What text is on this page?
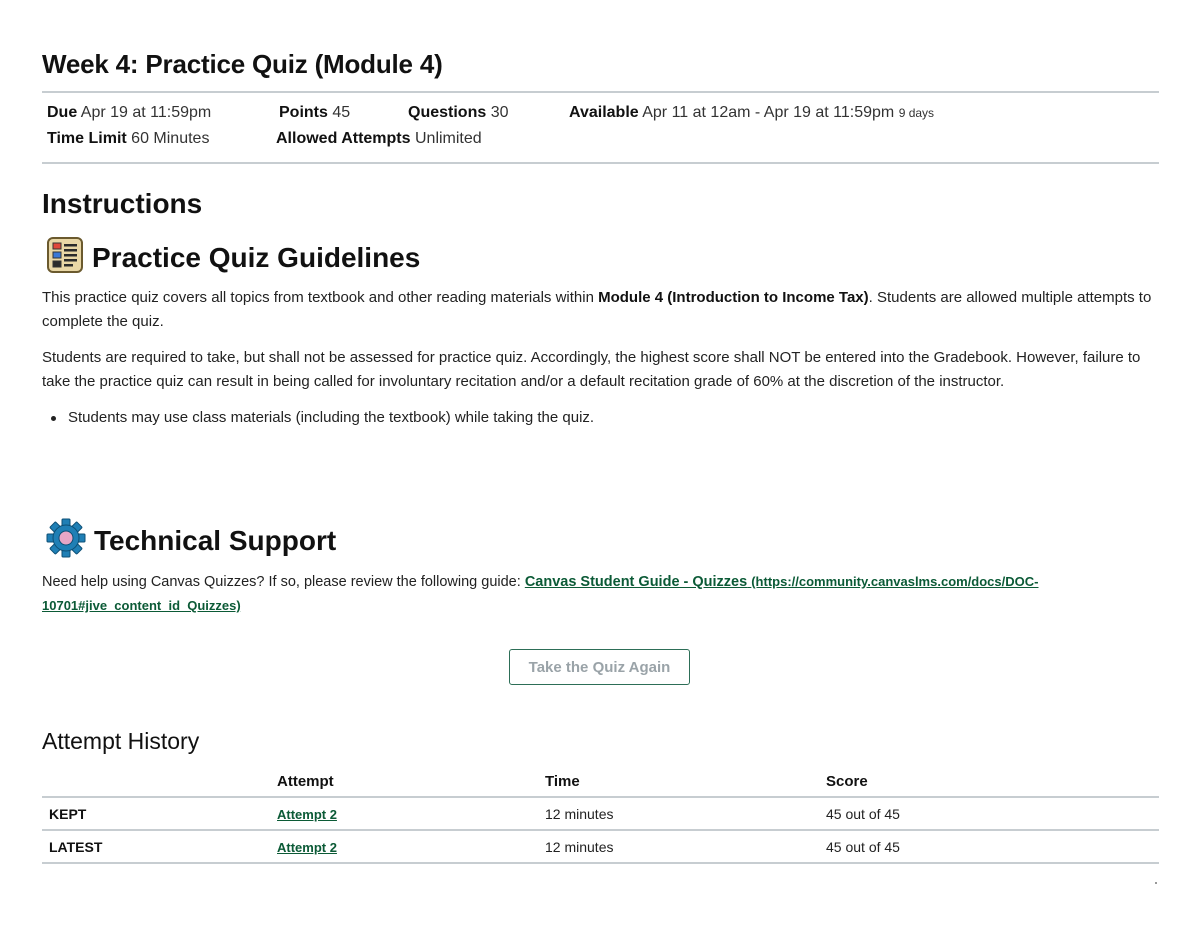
Week 4: Practice Quiz (Module 4)
Due Apr 19 at 11:59pm	Points 45	Questions 30	Available Apr 11 at 12am - Apr 19 at 11:59pm 9 days
Time Limit 60 Minutes	Allowed Attempts Unlimited
Instructions
Practice Quiz Guidelines

This practice quiz covers all topics from textbook and other reading materials within Module 4 (Introduction to Income Tax). Students are allowed multiple attempts to complete the quiz.

Students are required to take, but shall not be assessed for practice quiz. Accordingly, the highest score shall NOT be entered into the Gradebook. However, failure to take the practice quiz can result in being called for involuntary recitation and/or a default recitation grade of 60% at the discretion of the instructor.

Students may use class materials (including the textbook) while taking the quiz.
Technical Support

Need help using Canvas Quizzes? If so, please review the following guide: Canvas Student Guide - Quizzes (https://community.canvaslms.com/docs/DOC-10701#jive_content_id_Quizzes)

Take the Quiz Again
Attempt History
	Attempt	Time	Score
KEPT	Attempt 2	12 minutes	45 out of 45
LATEST	Attempt 2	12 minutes	45 out of 45
